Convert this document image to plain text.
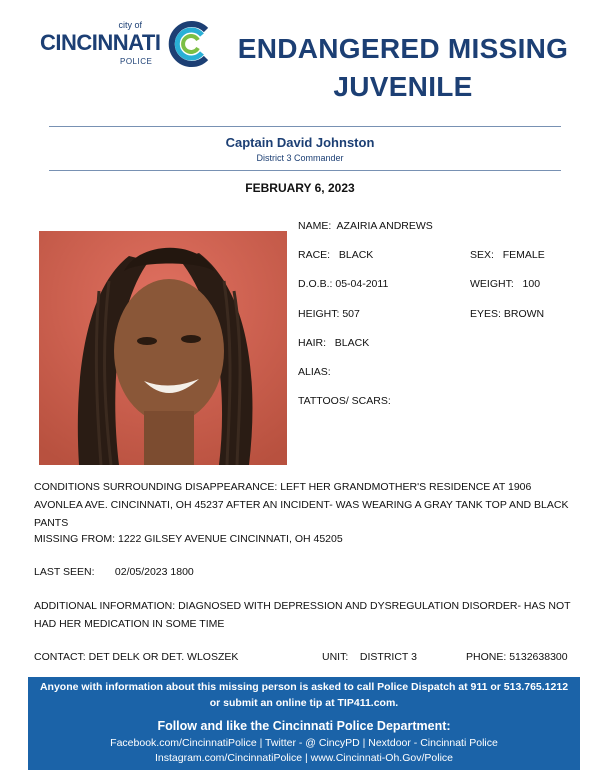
city of
CINCINNATI
POLICE	ENDANGERED MISSING
JUVENILE
Captain David Johnston
District 3 Commander
FEBRUARY 6, 2023
NAME: AZAIRIA ANDREWS
RACE: BLACK	SEX: FEMALE
D.O.B.: 05-04-2011	WEIGHT: 100
HEIGHT: 507	EYES: BROWN
HAIR: BLACK
ALIAS:
TATTOOS/ SCARS:
CONDITIONS SURROUNDING DISAPPEARANCE: LEFT HER GRANDMOTHER'S RESIDENCE AT 1906 AVONLEA AVE. CINCINNATI, OH 45237 AFTER AN INCIDENT- WAS WEARING A GRAY TANK TOP AND BLACK PANTS
MISSING FROM: 1222 GILSEY AVENUE CINCINNATI, OH 45205
LAST SEEN: 02/05/2023 1800
ADDITIONAL INFORMATION: DIAGNOSED WITH DEPRESSION AND DYSREGULATION DISORDER- HAS NOT HAD HER MEDICATION IN SOME TIME
CONTACT: DET DELK OR DET. WLOSZEK	UNIT: DISTRICT 3	PHONE: 5132638300
Anyone with information about this missing person is asked to call Police Dispatch at 911 or 513.765.1212
or submit an online tip at TIP411.com.
Follow and like the Cincinnati Police Department:
Facebook.com/CincinnatiPolice | Twitter - @ CincyPD | Nextdoor - Cincinnati Police
Instagram.com/CincinnatiPolice | www.Cincinnati-Oh.Gov/Police
